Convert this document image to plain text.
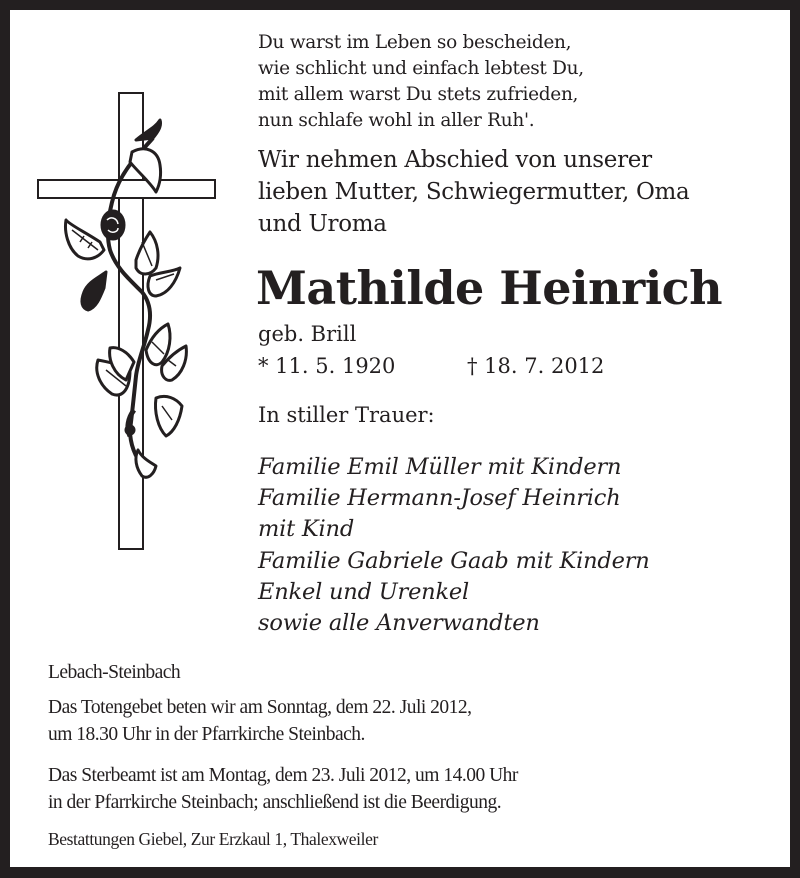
Du warst im Leben so bescheiden,
wie schlicht und einfach lebtest Du,
mit allem warst Du stets zufrieden,
nun schlafe wohl in aller Ruh'.
Wir nehmen Abschied von unserer
lieben Mutter, Schwiegermutter, Oma
und Uroma
Mathilde Heinrich
geb. Brill
* 11. 5. 1920	† 18. 7. 2012
In stiller Trauer:
Familie Emil Müller mit Kindern
Familie Hermann-Josef Heinrich
mit Kind
Familie Gabriele Gaab mit Kindern
Enkel und Urenkel
sowie alle Anverwandten
Lebach-Steinbach
Das Totengebet beten wir am Sonntag, dem 22. Juli 2012,
um 18.30 Uhr in der Pfarrkirche Steinbach.
Das Sterbeamt ist am Montag, dem 23. Juli 2012, um 14.00 Uhr
in der Pfarrkirche Steinbach; anschließend ist die Beerdigung.
Bestattungen Giebel, Zur Erzkaul 1, Thalexweiler
